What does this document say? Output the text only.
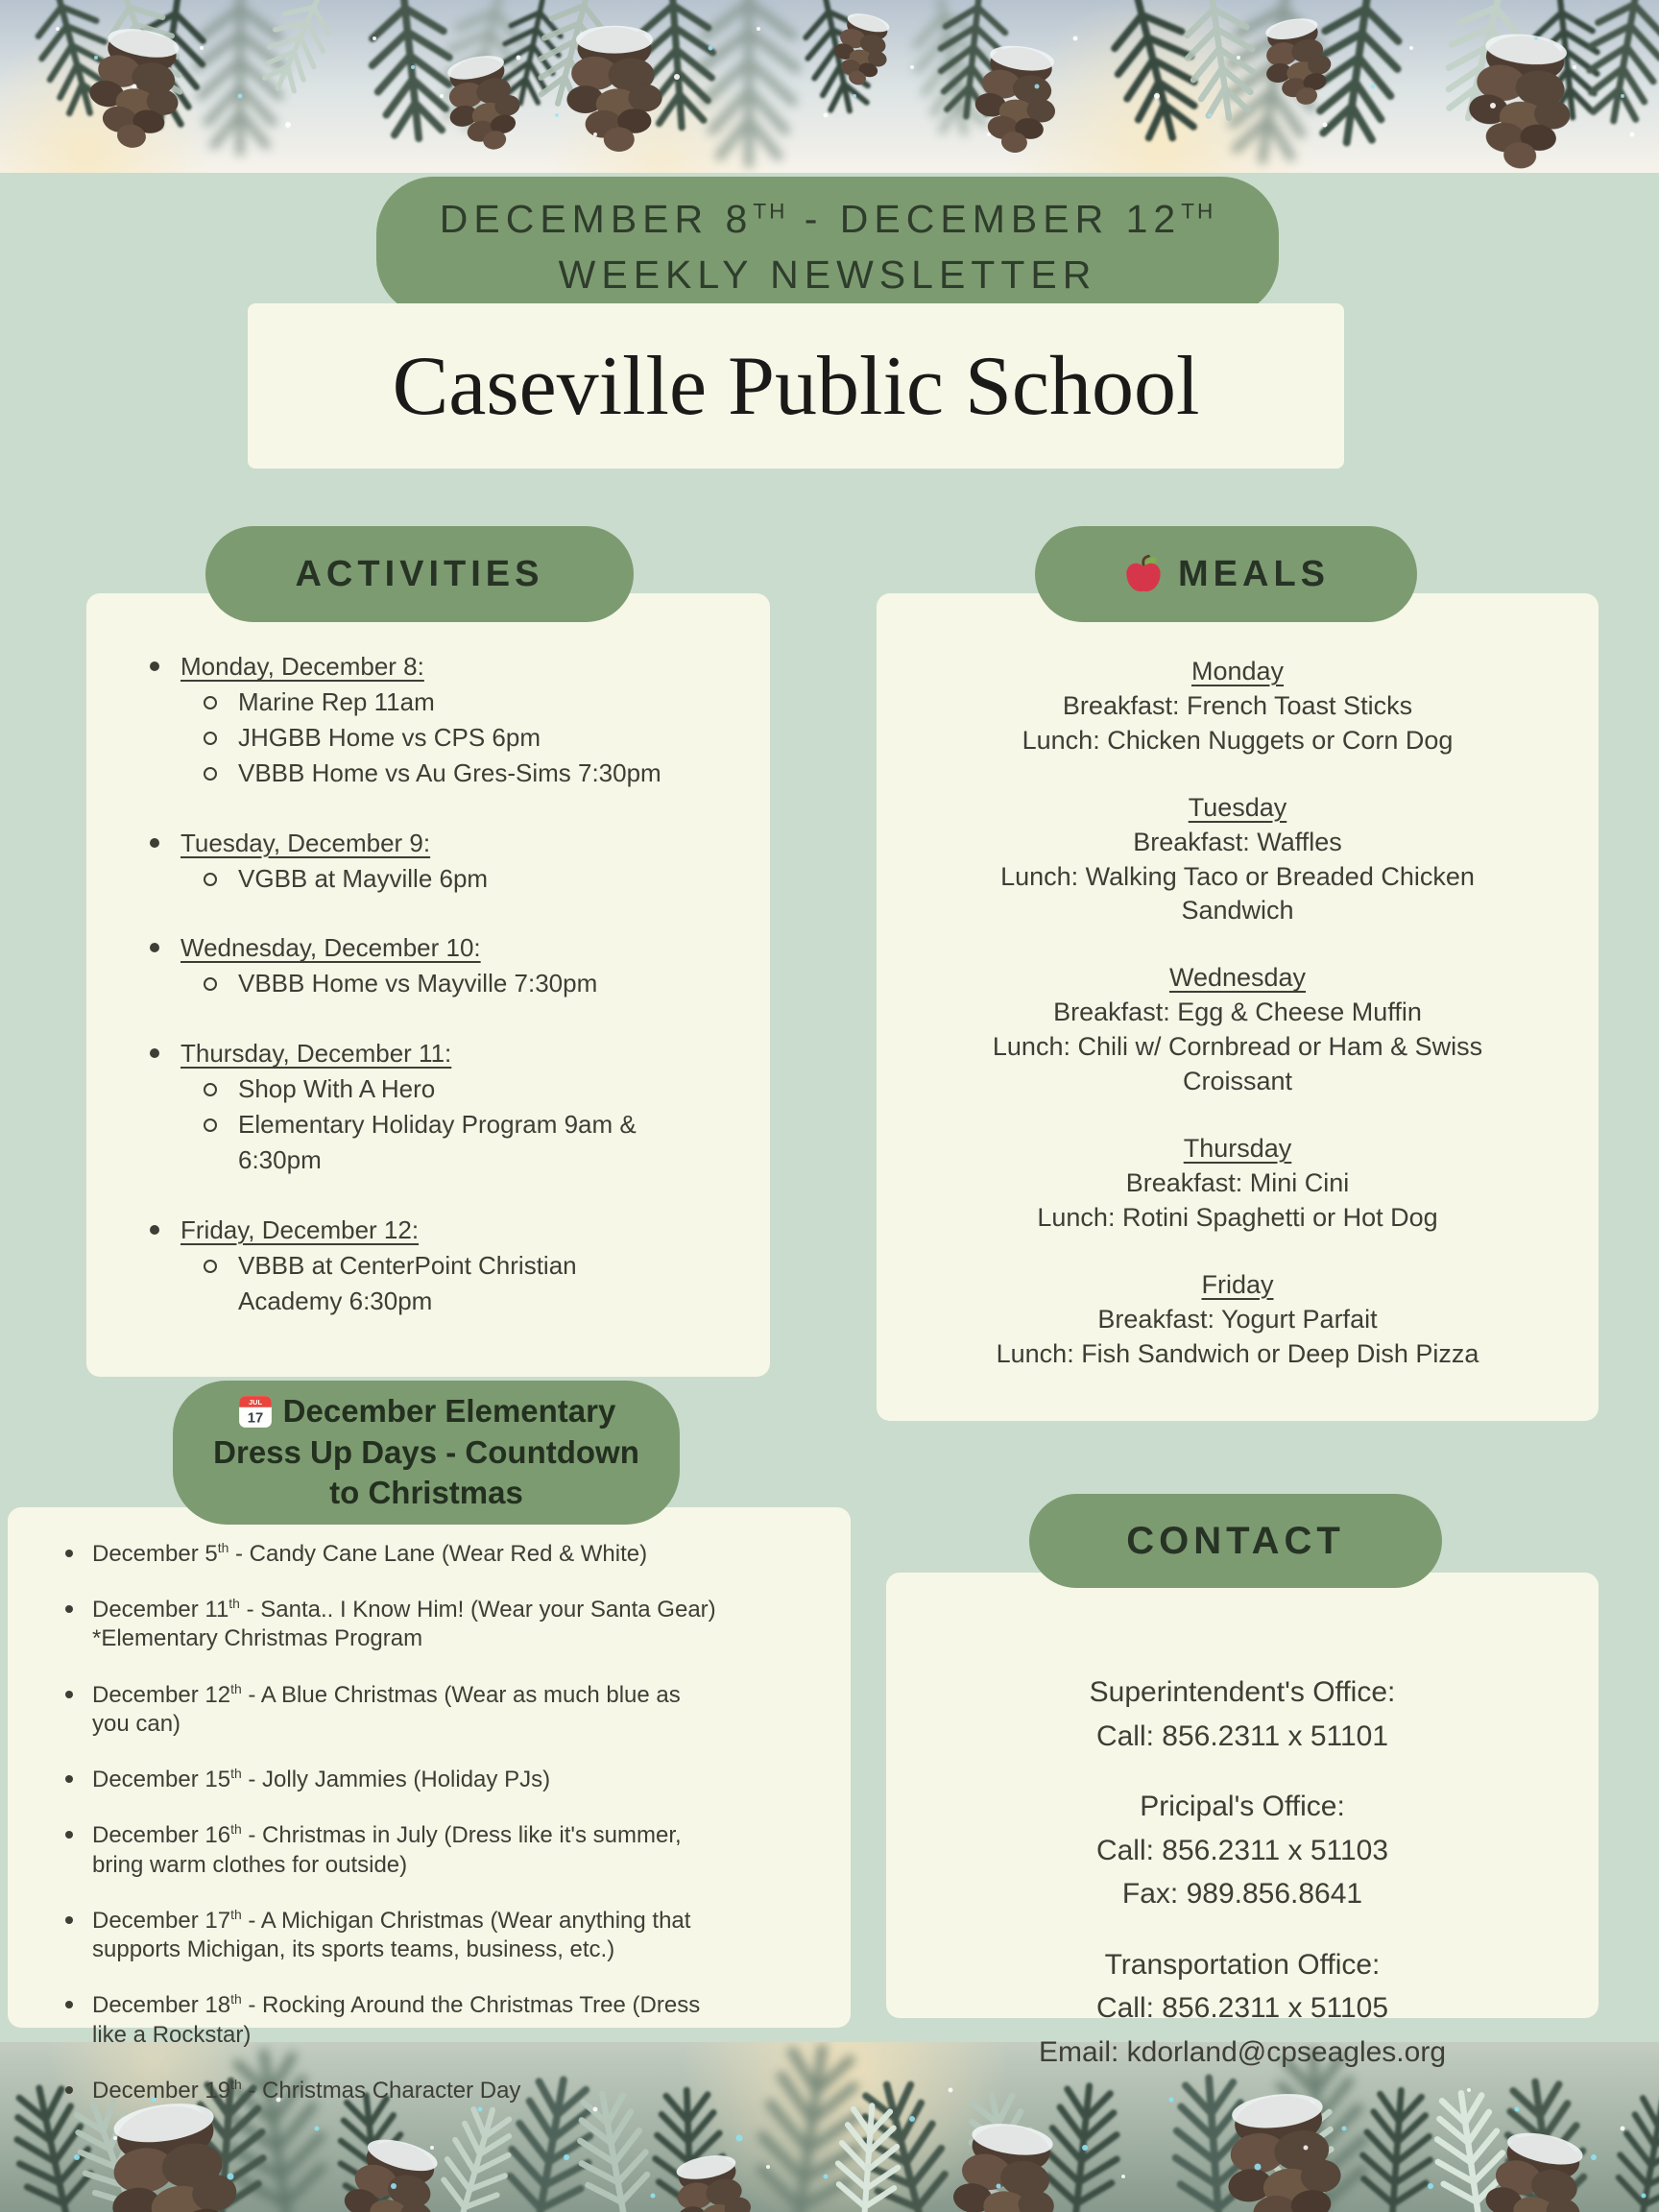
DECEMBER 8TH - DECEMBER 12TH
WEEKLY NEWSLETTER
Caseville Public School
ACTIVITIES
Monday, December 8:
Marine Rep 11am
JHGBB Home vs CPS 6pm
VBBB Home vs Au Gres-Sims 7:30pm
Tuesday, December 9:
VGBB at Mayville 6pm
Wednesday, December 10:
VBBB Home vs Mayville 7:30pm
Thursday, December 11:
Shop With A Hero
Elementary Holiday Program 9am & 6:30pm
Friday, December 12:
VBBB at CenterPoint Christian Academy 6:30pm
MEALS
Monday
Breakfast: French Toast Sticks
Lunch: Chicken Nuggets or Corn Dog
Tuesday
Breakfast: Waffles
Lunch: Walking Taco or Breaded Chicken Sandwich
Wednesday
Breakfast: Egg & Cheese Muffin
Lunch: Chili w/ Cornbread or Ham & Swiss Croissant
Thursday
Breakfast: Mini Cini
Lunch: Rotini Spaghetti or Hot Dog
Friday
Breakfast: Yogurt Parfait
Lunch: Fish Sandwich or Deep Dish Pizza
JUL
17 December Elementary
Dress Up Days - Countdown
to Christmas
December 5th - Candy Cane Lane (Wear Red & White)
December 11th - Santa.. I Know Him! (Wear your Santa Gear)
*Elementary Christmas Program
December 12th - A Blue Christmas (Wear as much blue as you can)
December 15th - Jolly Jammies (Holiday PJs)
December 16th - Christmas in July (Dress like it's summer, bring warm clothes for outside)
December 17th - A Michigan Christmas (Wear anything that supports Michigan, its sports teams, business, etc.)
December 18th - Rocking Around the Christmas Tree (Dress like a Rockstar)
December 19th - Christmas Character Day
CONTACT
Superintendent's Office:
Call: 856.2311 x 51101
Pricipal's Office:
Call: 856.2311 x 51103
Fax: 989.856.8641
Transportation Office:
Call: 856.2311 x 51105
Email: kdorland@cpseagles.org
